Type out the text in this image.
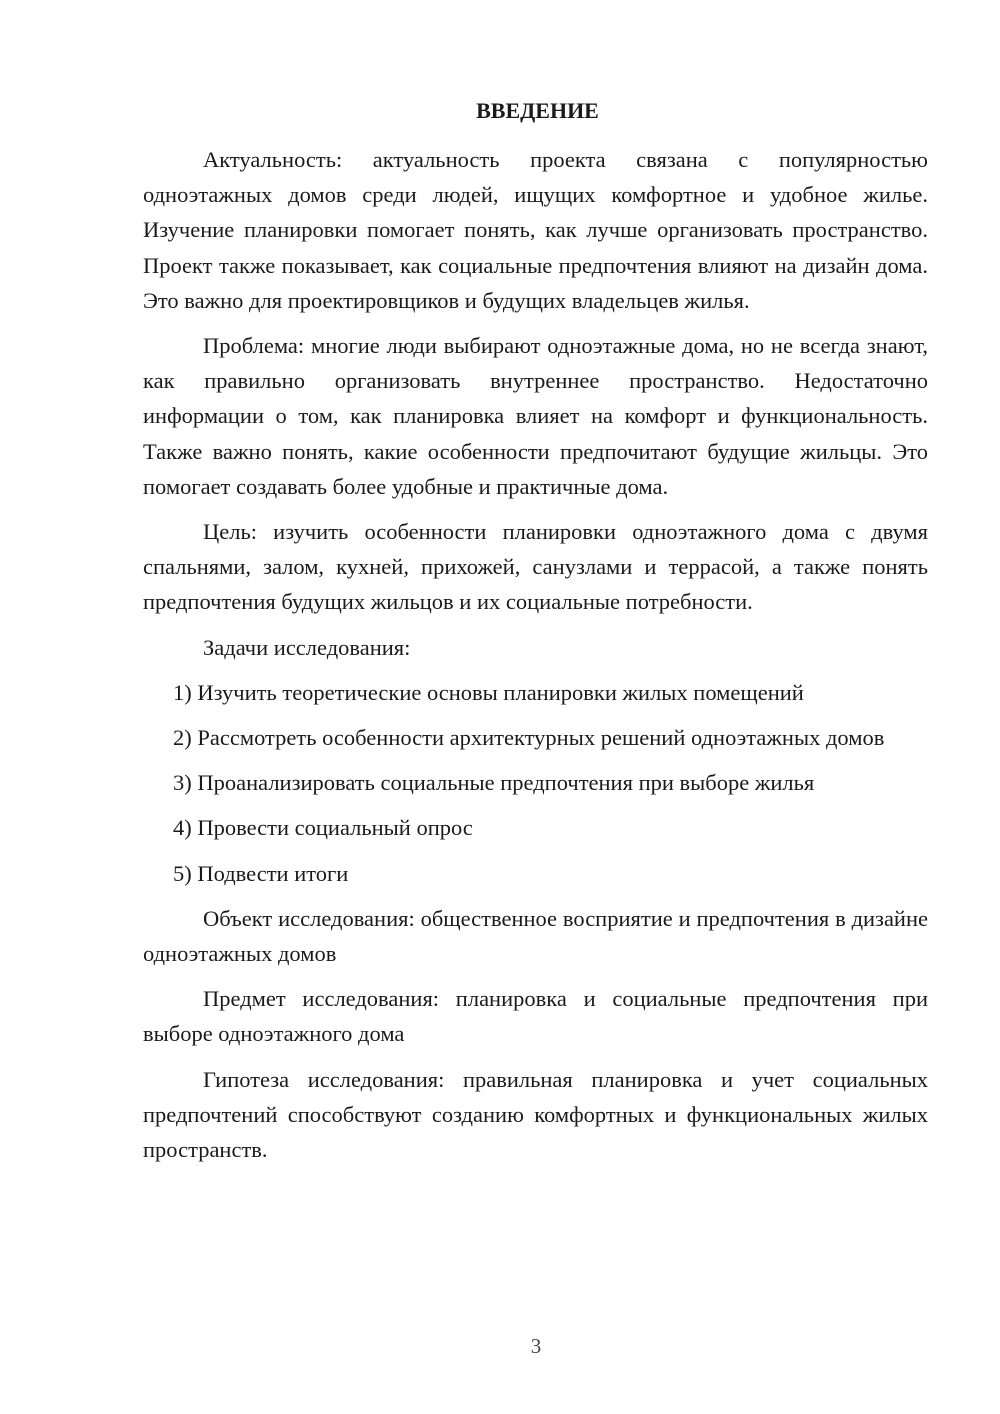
ВВЕДЕНИЕ

Актуальность: актуальность проекта связана с популярностью одноэтажных домов среди людей, ищущих комфортное и удобное жилье. Изучение планировки помогает понять, как лучше организовать пространство. Проект также показывает, как социальные предпочтения влияют на дизайн дома. Это важно для проектировщиков и будущих владельцев жилья.

Проблема: многие люди выбирают одноэтажные дома, но не всегда знают, как правильно организовать внутреннее пространство. Недостаточно информации о том, как планировка влияет на комфорт и функциональность. Также важно понять, какие особенности предпочитают будущие жильцы. Это помогает создавать более удобные и практичные дома.

Цель: изучить особенности планировки одноэтажного дома с двумя спальнями, залом, кухней, прихожей, санузлами и террасой, а также понять предпочтения будущих жильцов и их социальные потребности.

Задачи исследования:

1) Изучить теоретические основы планировки жилых помещений

2) Рассмотреть особенности архитектурных решений одноэтажных домов

3) Проанализировать социальные предпочтения при выборе жилья

4) Провести социальный опрос

5) Подвести итоги

Объект исследования: общественное восприятие и предпочтения в дизайне одноэтажных домов

Предмет исследования: планировка и социальные предпочтения при выборе одноэтажного дома

Гипотеза исследования: правильная планировка и учет социальных предпочтений способствуют созданию комфортных и функциональных жилых пространств.

3
